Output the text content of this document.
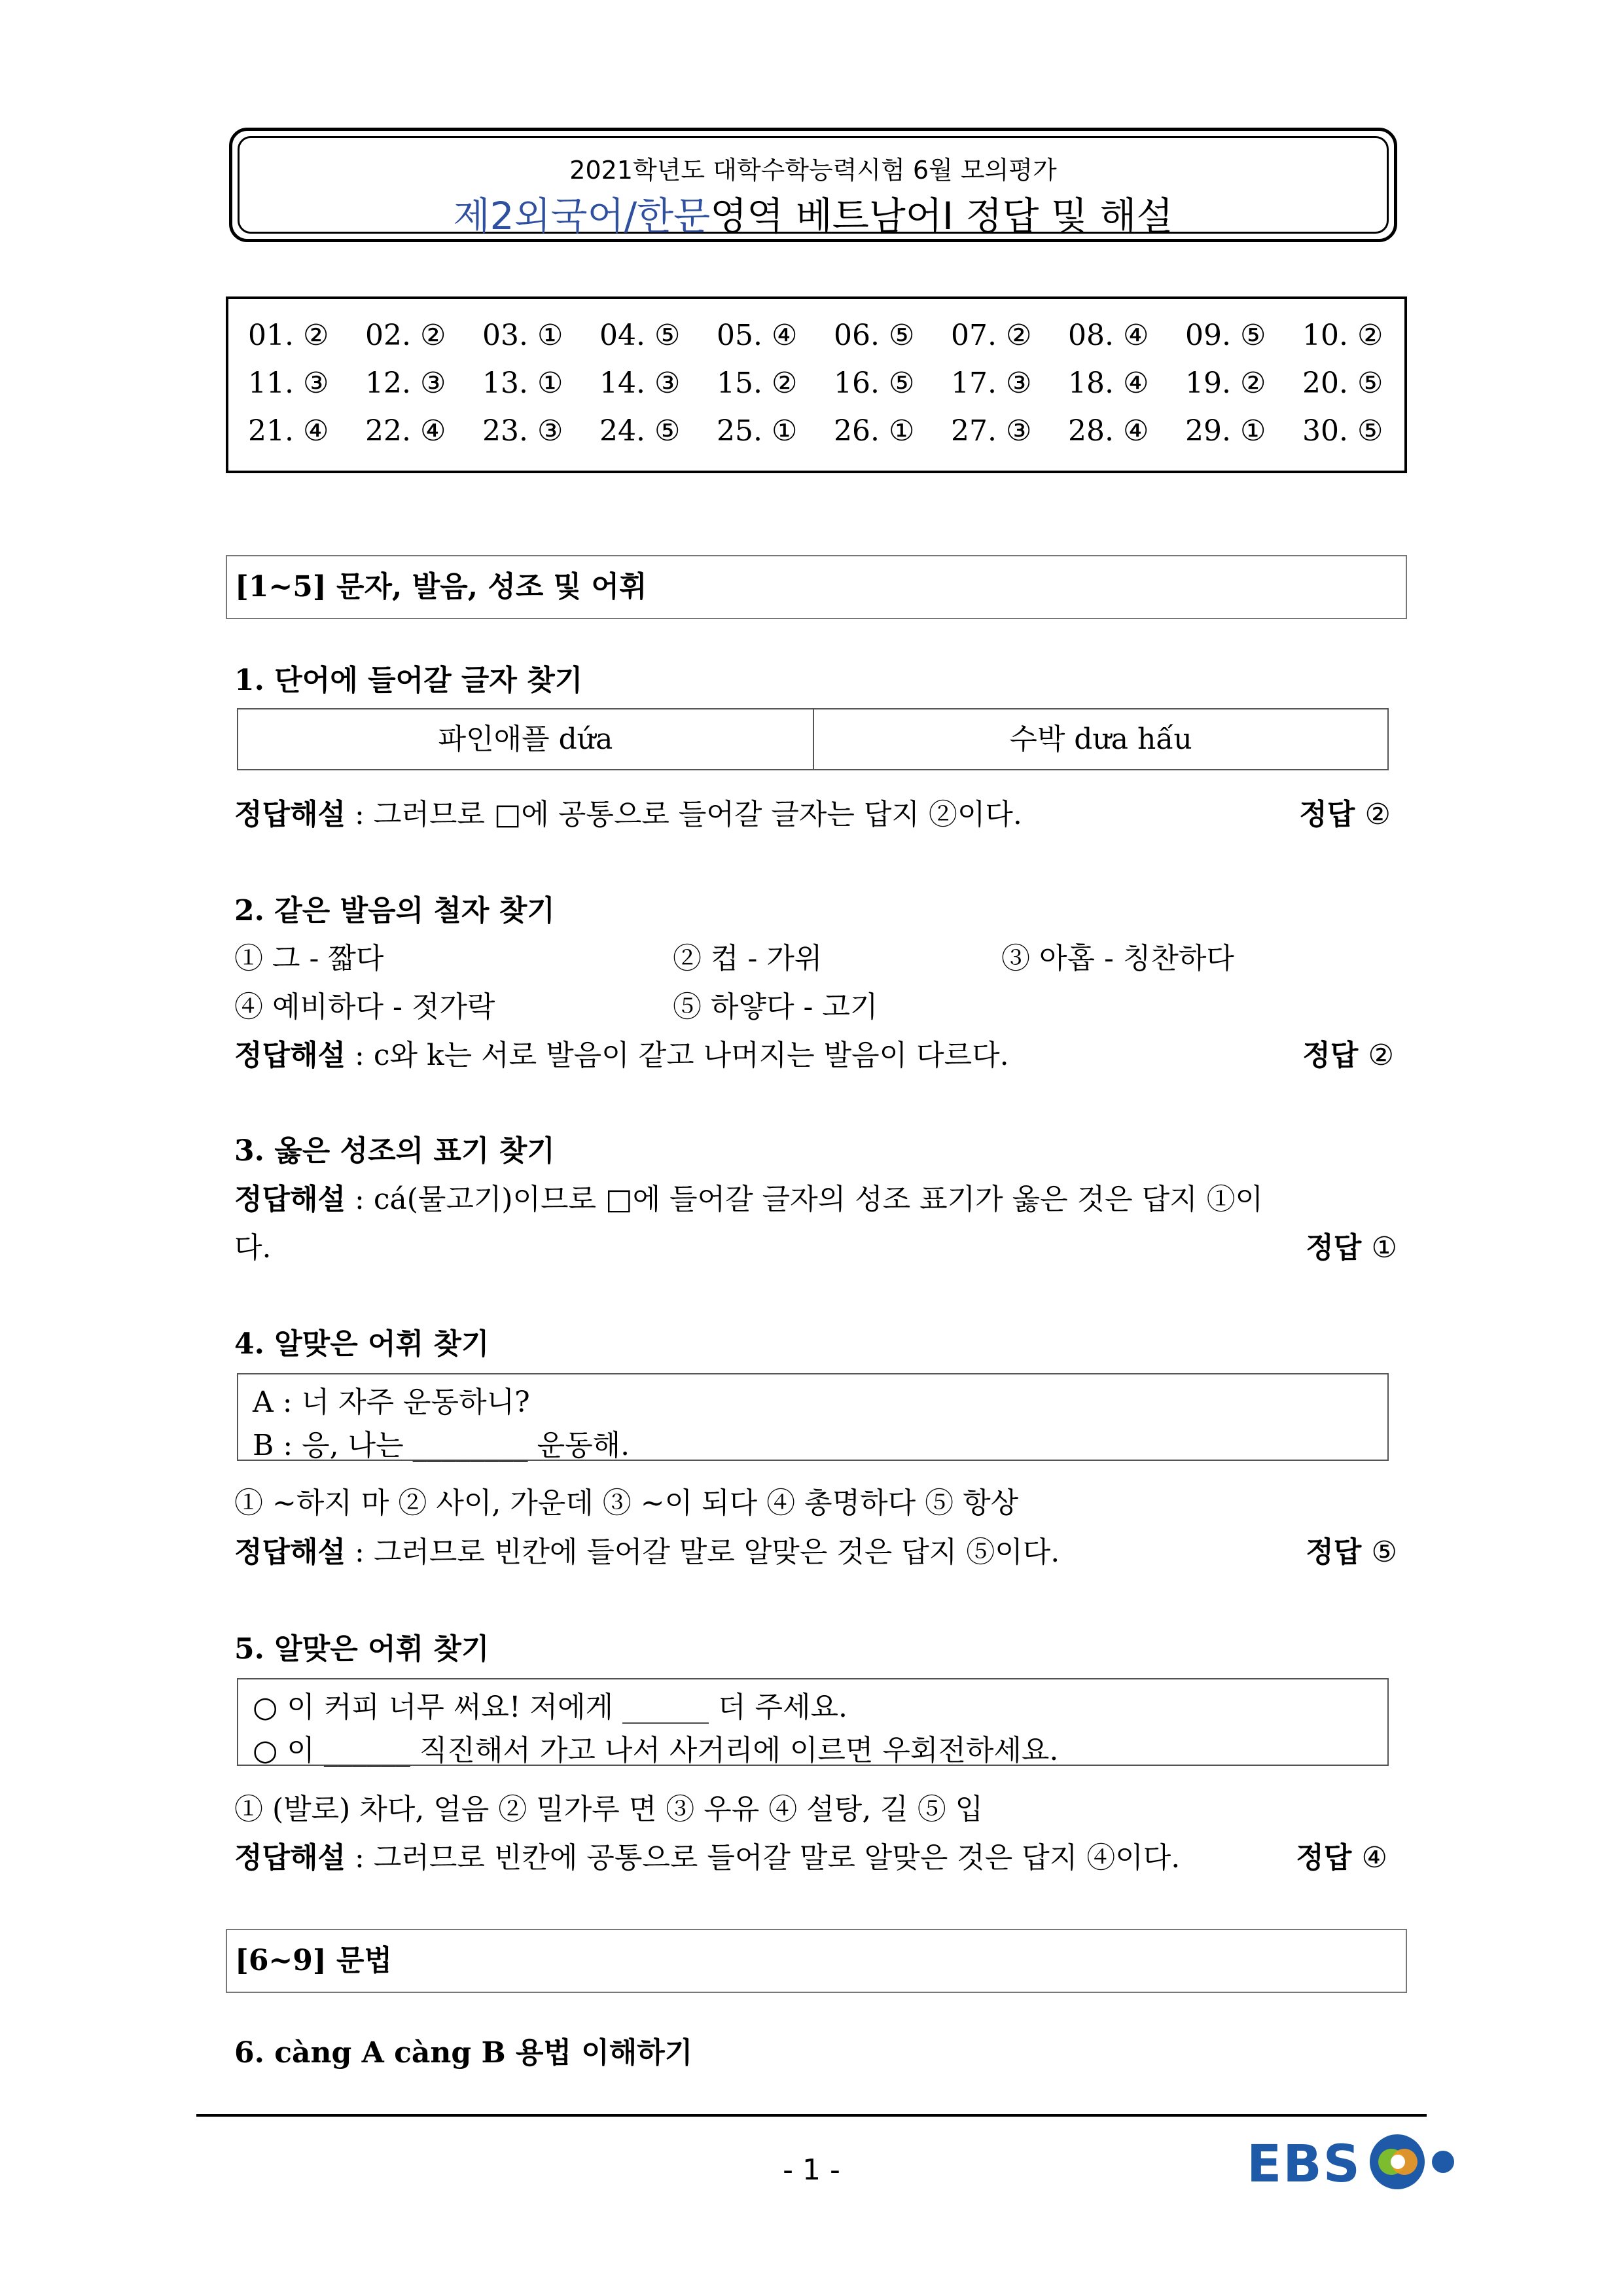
2021학년도 대학수학능력시험 6월 모의평가
제2외국어/한문영역 베트남어Ⅰ 정답 및 해설
01. ②	02. ②	03. ①	04. ⑤	05. ④	06. ⑤	07. ②	08. ④	09. ⑤	10. ②
11. ③	12. ③	13. ①	14. ③	15. ②	16. ⑤	17. ③	18. ④	19. ②	20. ⑤
21. ④	22. ④	23. ③	24. ⑤	25. ①	26. ①	27. ③	28. ④	29. ①	30. ⑤
[1~5] 문자, 발음, 성조 및 어휘
1. 단어에 들어갈 글자 찾기
파인애플 dứa	수박 dưa hấu
정답해설 : 그러므로 □에 공통으로 들어갈 글자는 답지 ②이다.	정답 ②
2. 같은 발음의 철자 찾기
① 그 - 짧다	② 컵 - 가위	③ 아홉 - 칭찬하다
④ 예비하다 - 젓가락	⑤ 하얗다 - 고기
정답해설 : c와 k는 서로 발음이 같고 나머지는 발음이 다르다.	정답 ②
3. 옳은 성조의 표기 찾기
정답해설 : cá(물고기)이므로 □에 들어갈 글자의 성조 표기가 옳은 것은 답지 ①이
다.	정답 ①
4. 알맞은 어휘 찾기
A : 너 자주 운동하니?
B : 응, 나는 ________ 운동해.
① ~하지 마 ② 사이, 가운데 ③ ~이 되다 ④ 총명하다 ⑤ 항상
정답해설 : 그러므로 빈칸에 들어갈 말로 알맞은 것은 답지 ⑤이다.	정답 ⑤
5. 알맞은 어휘 찾기
○ 이 커피 너무 써요! 저에게 ______ 더 주세요.
○ 이 ______ 직진해서 가고 나서 사거리에 이르면 우회전하세요.
① (발로) 차다, 얼음 ② 밀가루 면 ③ 우유 ④ 설탕, 길 ⑤ 입
정답해설 : 그러므로 빈칸에 공통으로 들어갈 말로 알맞은 것은 답지 ④이다.	정답 ④
[6~9] 문법
6. càng A càng B 용법 이해하기
- 1 -	EBS
